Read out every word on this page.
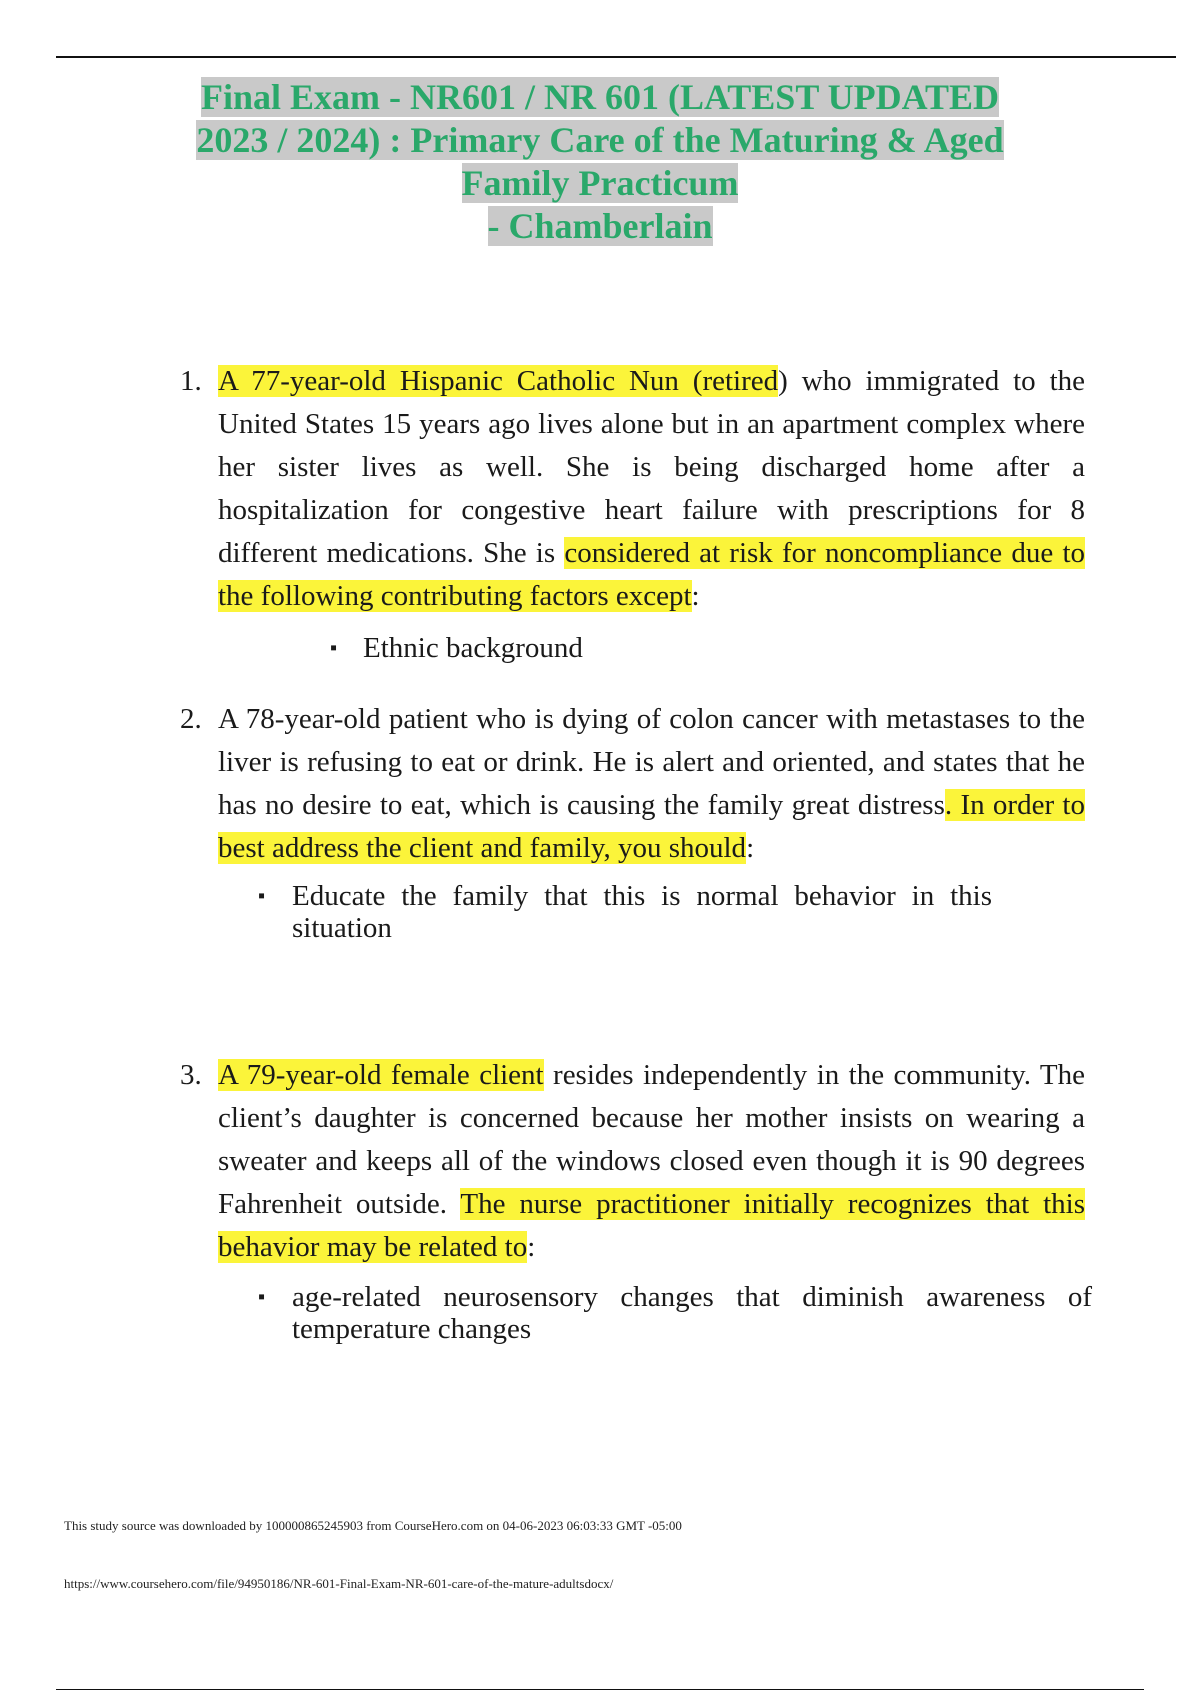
Final Exam - NR601 / NR 601 (LATEST UPDATED
2023 / 2024) : Primary Care of the Maturing & Aged
Family Practicum
- Chamberlain
1. A 77-year-old Hispanic Catholic Nun (retired) who immigrated to the United States 15 years ago lives alone but in an apartment complex where her sister lives as well. She is being discharged home after a hospitalization for congestive heart failure with prescriptions for 8 different medications. She is considered at risk for noncompliance due to the following contributing factors except:
▪ Ethnic background
2. A 78-year-old patient who is dying of colon cancer with metastases to the liver is refusing to eat or drink. He is alert and oriented, and states that he has no desire to eat, which is causing the family great distress. In order to best address the client and family, you should:
▪ Educate the family that this is normal behavior in this situation
3. A 79-year-old female client resides independently in the community. The client’s daughter is concerned because her mother insists on wearing a sweater and keeps all of the windows closed even though it is 90 degrees Fahrenheit outside. The nurse practitioner initially recognizes that this behavior may be related to:
▪ age-related neurosensory changes that diminish awareness of temperature changes
This study source was downloaded by 100000865245903 from CourseHero.com on 04-06-2023 06:03:33 GMT -05:00
https://www.coursehero.com/file/94950186/NR-601-Final-Exam-NR-601-care-of-the-mature-adultsdocx/
